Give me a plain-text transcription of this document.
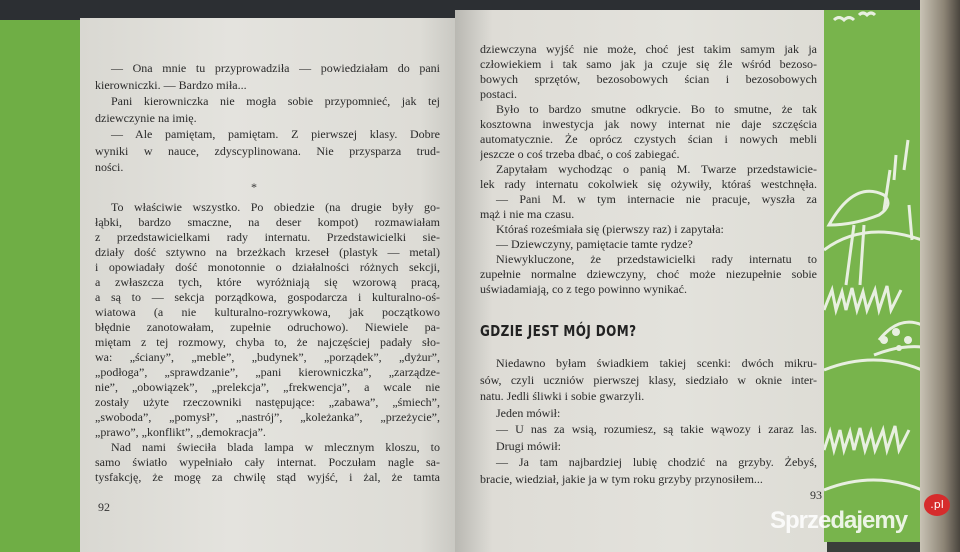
— Ona mnie tu przyprowadziła — powiedziałam do pani
kierowniczki. — Bardzo miła...
Pani kierowniczka nie mogła sobie przypomnieć, jak tej
dziewczynie na imię.
— Ale pamiętam, pamiętam. Z pierwszej klasy. Dobre
wyniki w nauce, zdyscyplinowana. Nie przysparza trud-
ności.
*
To właściwie wszystko. Po obiedzie (na drugie były go-
łąbki, bardzo smaczne, na deser kompot) rozmawiałam
z przedstawicielkami rady internatu. Przedstawicielki sie-
działy dość sztywno na brzeżkach krzeseł (plastyk — metal)
i opowiadały dość monotonnie o działalności różnych sekcji,
a zwłaszcza tych, które wyróżniają się wzorową pracą,
a są to — sekcja porządkowa, gospodarcza i kulturalno-oś-
wiatowa (a nie kulturalno-rozrywkowa, jak początkowo
błędnie zanotowałam, zupełnie odruchowo). Niewiele pa-
miętam z tej rozmowy, chyba to, że najczęściej padały sło-
wa: „ściany”, „meble”, „budynek”, „porządek”, „dyżur”,
„podłoga”, „sprawdzanie”, „pani kierowniczka”, „zarządze-
nie”, „obowiązek”, „prelekcja”, „frekwencja”, a wcale nie
zostały użyte rzeczowniki następujące: „zabawa”, „śmiech”,
„swoboda”, „pomysł”, „nastrój”, „koleżanka”, „przeżycie”,
„prawo”, „konflikt”, „demokracja”.
Nad nami świeciła blada lampa w mlecznym kloszu, to
samo światło wypełniało cały internat. Poczułam nagle sa-
tysfakcję, że mogę za chwilę stąd wyjść, i żal, że tamta
92
dziewczyna wyjść nie może, choć jest takim samym jak ja
człowiekiem i tak samo jak ja czuje się źle wśród bezoso-
bowych sprzętów, bezosobowych ścian i bezosobowych
postaci.
Było to bardzo smutne odkrycie. Bo to smutne, że tak
kosztowna inwestycja jak nowy internat nie daje szczęścia
automatycznie. Że oprócz czystych ścian i nowych mebli
jeszcze o coś trzeba dbać, o coś zabiegać.
Zapytałam wychodząc o panią M. Twarze przedstawicie-
lek rady internatu cokolwiek się ożywiły, któraś westchnęła.
— Pani M. w tym internacie nie pracuje, wyszła za
mąż i nie ma czasu.
Któraś roześmiała się (pierwszy raz) i zapytała:
— Dziewczyny, pamiętacie tamte rydze?
Niewykluczone, że przedstawicielki rady internatu to
zupełnie normalne dziewczyny, choć może niezupełnie sobie
uświadamiają, co z tego powinno wynikać.
GDZIE JEST MÓJ DOM?
Niedawno byłam świadkiem takiej scenki: dwóch mikru-
sów, czyli uczniów pierwszej klasy, siedziało w oknie inter-
natu. Jedli śliwki i sobie gwarzyli.
Jeden mówił:
— U nas za wsią, rozumiesz, są takie wąwozy i zaraz las.
Drugi mówił:
— Ja tam najbardziej lubię chodzić na grzyby. Żebyś,
bracie, wiedział, jakie ja w tym roku grzyby przynosiłem...
93
Sprzedajemy
.pl
